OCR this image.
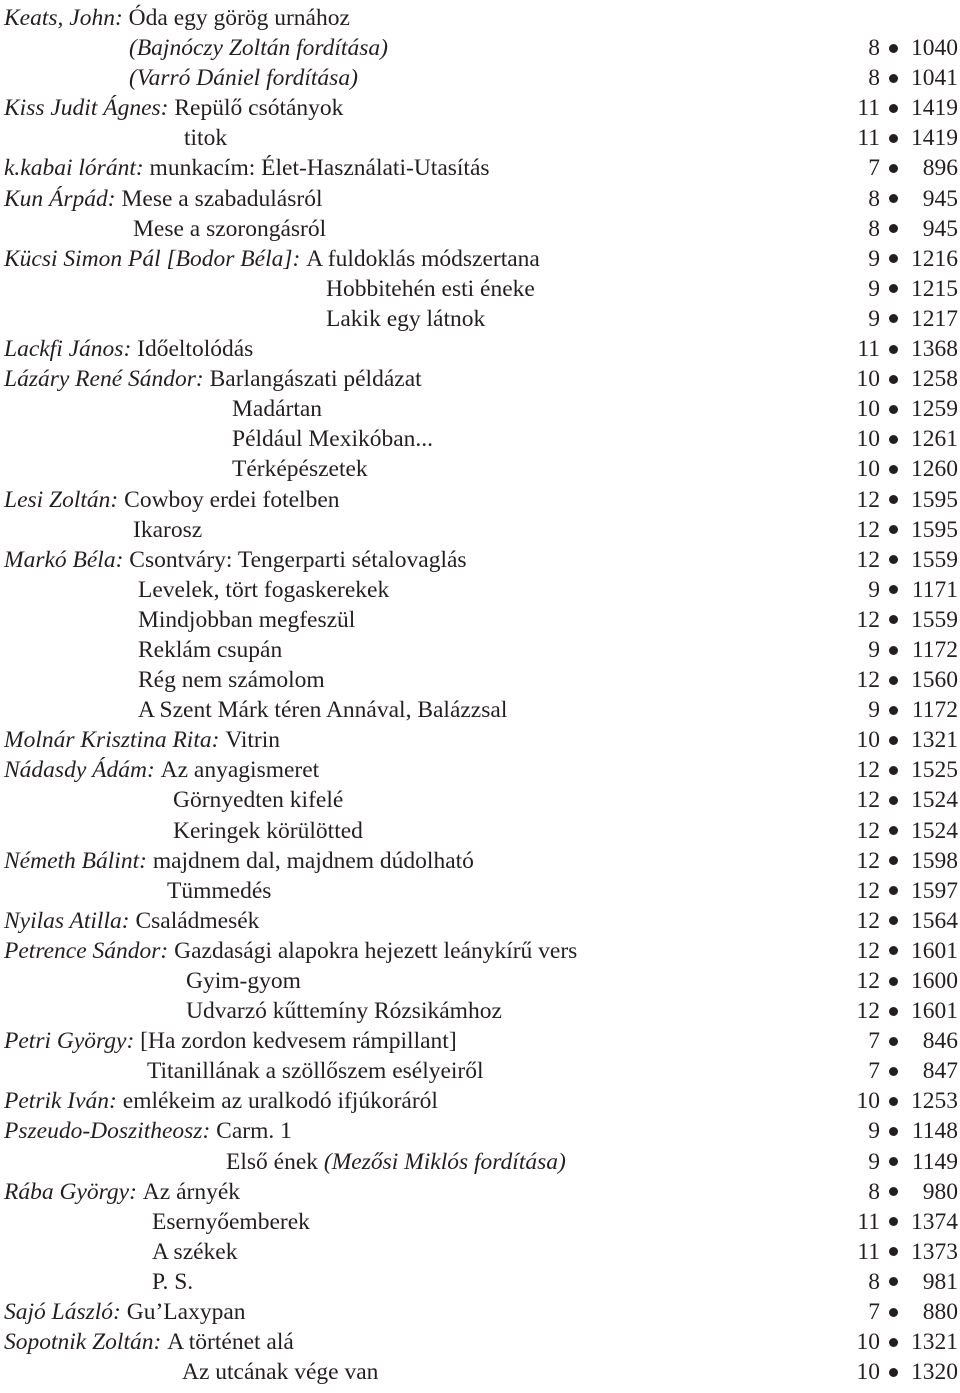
Keats, John: Óda egy görög urnához
(Bajnóczy Zoltán fordítása)	8 1040
(Varró Dániel fordítása)	8 1041
Kiss Judit Ágnes: Repülő csótányok	11 1419
titok	11 1419
k.kabai lóránt: munkacím: Élet-Használati-Utasítás	7	896
Kun Árpád: Mese a szabadulásról	8	945
Mese a szorongásról	8	945
Kücsi Simon Pál [Bodor Béla]: A fuldoklás módszertana	9 1216
Hobbitehén esti éneke	9 1215
Lakik egy látnok	9 1217
Lackfi János: Időeltolódás	11 1368
Lázáry René Sándor: Barlangászati példázat	10 1258
Madártan	10 1259
Például Mexikóban...	10 1261
Térképészetek	10 1260
Lesi Zoltán: Cowboy erdei fotelben	12 1595
Ikarosz	12 1595
Markó Béla: Csontváry: Tengerparti sétalovaglás	12 1559
Levelek, tört fogaskerekek	9 1171
Mindjobban megfeszül	12 1559
Reklám csupán	9 1172
Rég nem számolom	12 1560
A Szent Márk téren Annával, Balázzsal	9 1172
Molnár Krisztina Rita: Vitrin	10 1321
Nádasdy Ádám: Az anyagismeret	12 1525
Görnyedten kifelé	12 1524
Keringek körülötted	12 1524
Németh Bálint: majdnem dal, majdnem dúdolható	12 1598
Tümmedés	12 1597
Nyilas Atilla: Családmesék	12 1564
Petrence Sándor: Gazdasági alapokra hejezett leánykírű vers	12 1601
Gyim-gyom	12 1600
Udvarzó kűttemíny Rózsikámhoz	12 1601
Petri György: [Ha zordon kedvesem rámpillant]	7	846
Titanillának a szöllőszem esélyeiről	7	847
Petrik Iván: emlékeim az uralkodó ifjúkoráról	10 1253
Pszeudo-Doszitheosz: Carm. 1	9 1148
Első ének (Mezősi Miklós fordítása)	9 1149
Rába György: Az árnyék	8	980
Esernyőemberek	11 1374
A székek	11 1373
P. S.	8	981
Sajó László: Gu’Laxypan	7	880
Sopotnik Zoltán: A történet alá	10 1321
Az utcának vége van	10 1320
